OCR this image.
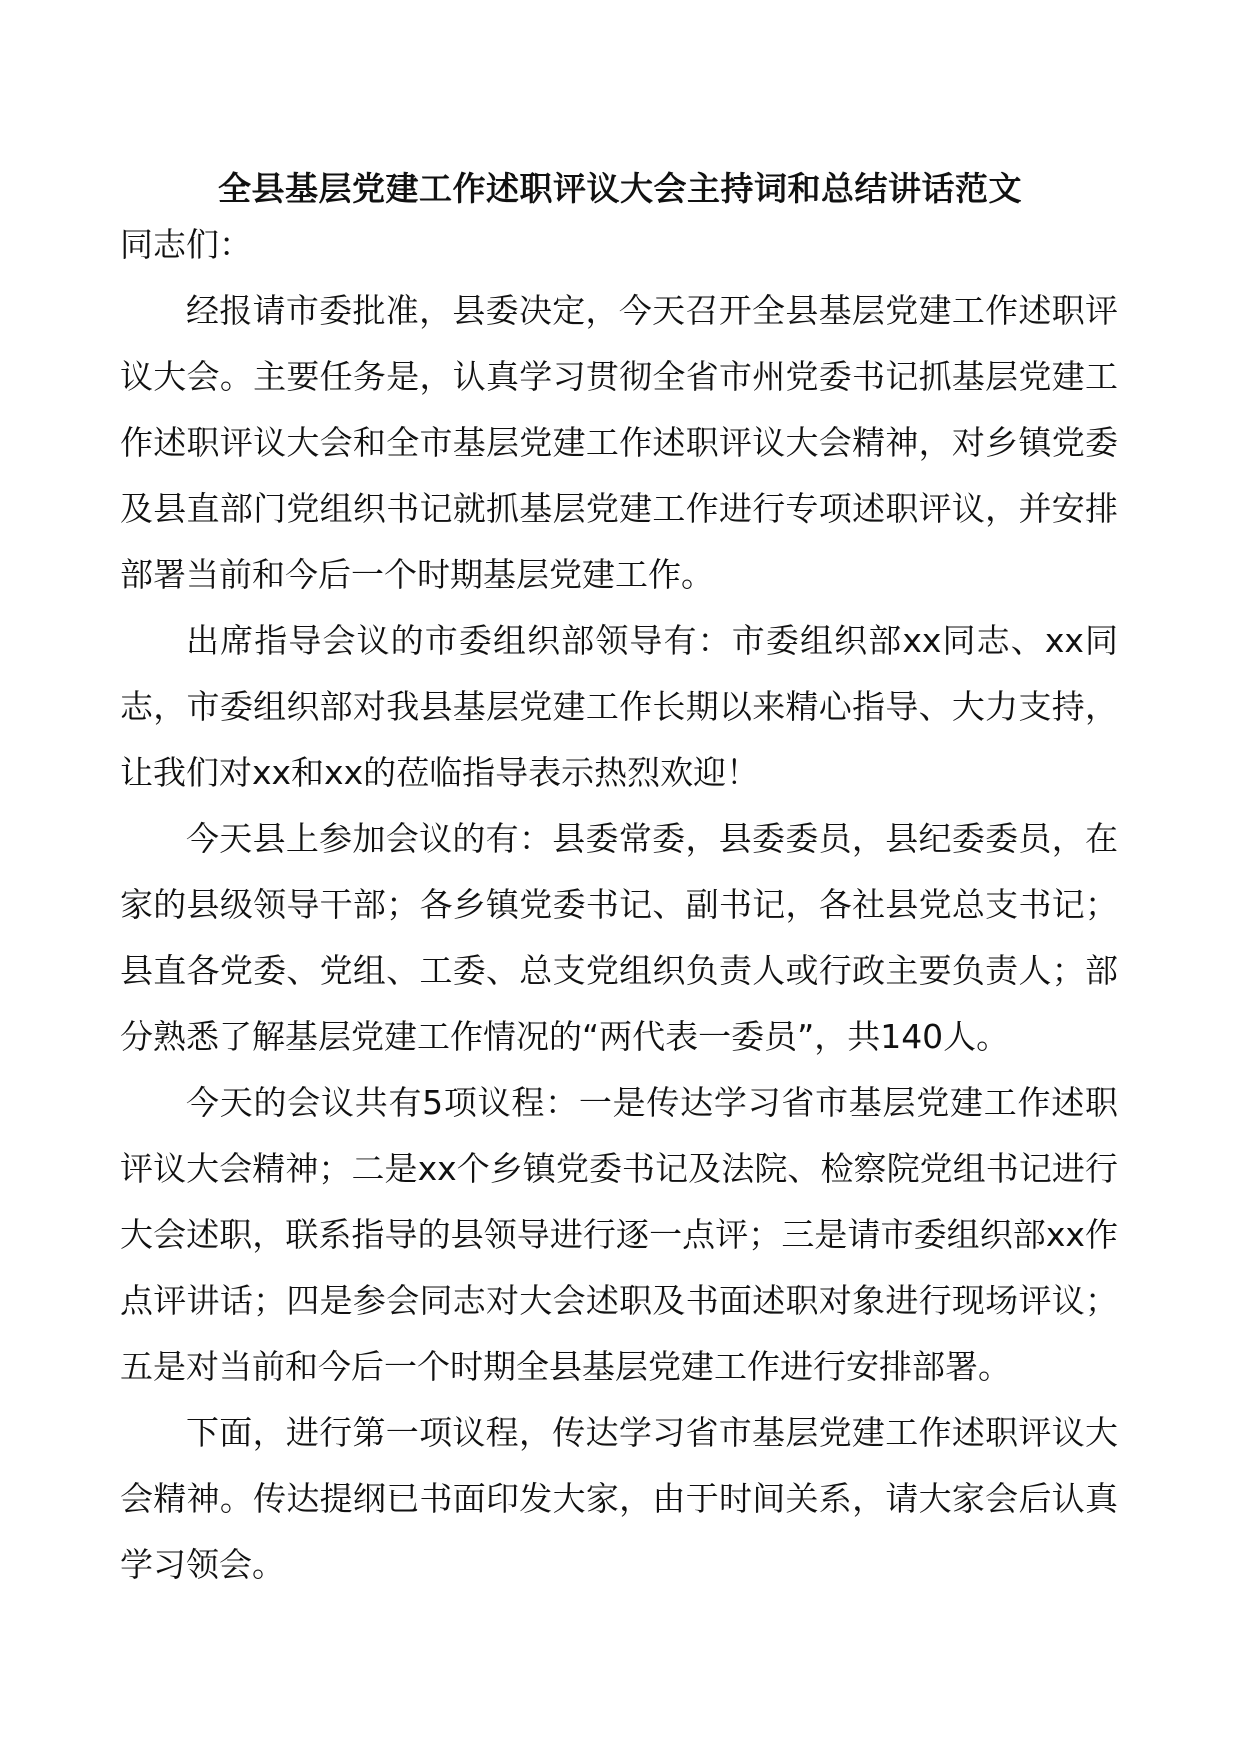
全县基层党建工作述职评议大会主持词和总结讲话范文

同志们：

经报请市委批准，县委决定，今天召开全县基层党建工作述职评议大会。主要任务是，认真学习贯彻全省市州党委书记抓基层党建工作述职评议大会和全市基层党建工作述职评议大会精神，对乡镇党委及县直部门党组织书记就抓基层党建工作进行专项述职评议，并安排部署当前和今后一个时期基层党建工作。

出席指导会议的市委组织部领导有：市委组织部xx同志、xx同志，市委组织部对我县基层党建工作长期以来精心指导、大力支持，让我们对xx和xx的莅临指导表示热烈欢迎！

今天县上参加会议的有：县委常委，县委委员，县纪委委员，在家的县级领导干部；各乡镇党委书记、副书记，各社县党总支书记；县直各党委、党组、工委、总支党组织负责人或行政主要负责人；部分熟悉了解基层党建工作情况的“两代表一委员”，共140人。

今天的会议共有5项议程：一是传达学习省市基层党建工作述职评议大会精神；二是xx个乡镇党委书记及法院、检察院党组书记进行大会述职，联系指导的县领导进行逐一点评；三是请市委组织部xx作点评讲话；四是参会同志对大会述职及书面述职对象进行现场评议；五是对当前和今后一个时期全县基层党建工作进行安排部署。

下面，进行第一项议程，传达学习省市基层党建工作述职评议大会精神。传达提纲已书面印发大家，由于时间关系，请大家会后认真学习领会。
